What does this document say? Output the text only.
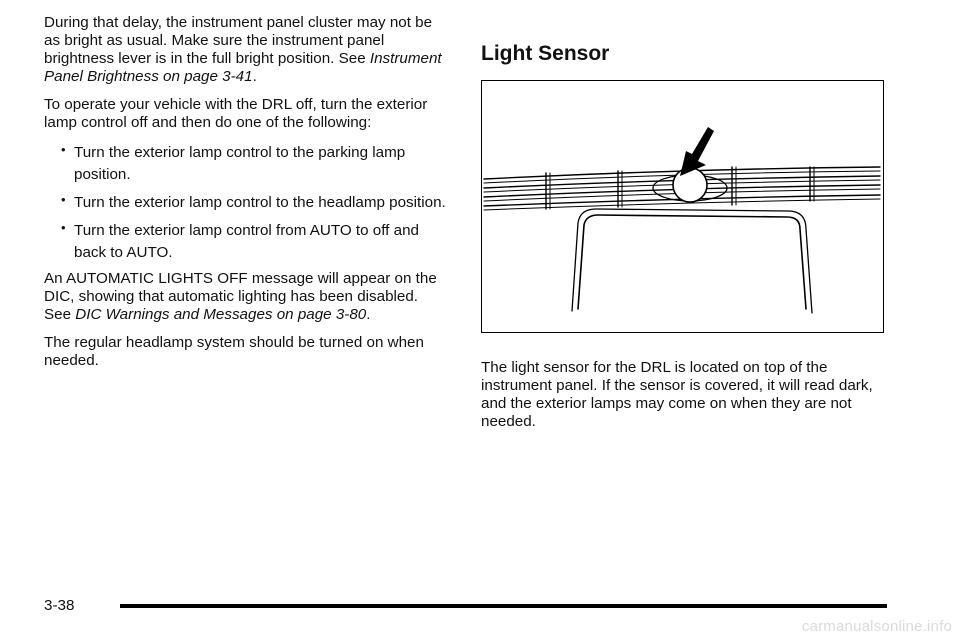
During that delay, the instrument panel cluster may not be as bright as usual. Make sure the instrument panel brightness lever is in the full bright position. See Instrument Panel Brightness on page 3-41.

To operate your vehicle with the DRL off, turn the exterior lamp control off and then do one of the following:

• Turn the exterior lamp control to the parking lamp position.
• Turn the exterior lamp control to the headlamp position.
• Turn the exterior lamp control from AUTO to off and back to AUTO.

An AUTOMATIC LIGHTS OFF message will appear on the DIC, showing that automatic lighting has been disabled. See DIC Warnings and Messages on page 3-80.

The regular headlamp system should be turned on when needed.

Light Sensor

The light sensor for the DRL is located on top of the instrument panel. If the sensor is covered, it will read dark, and the exterior lamps may come on when they are not needed.

3-38
carmanualsonline.info
